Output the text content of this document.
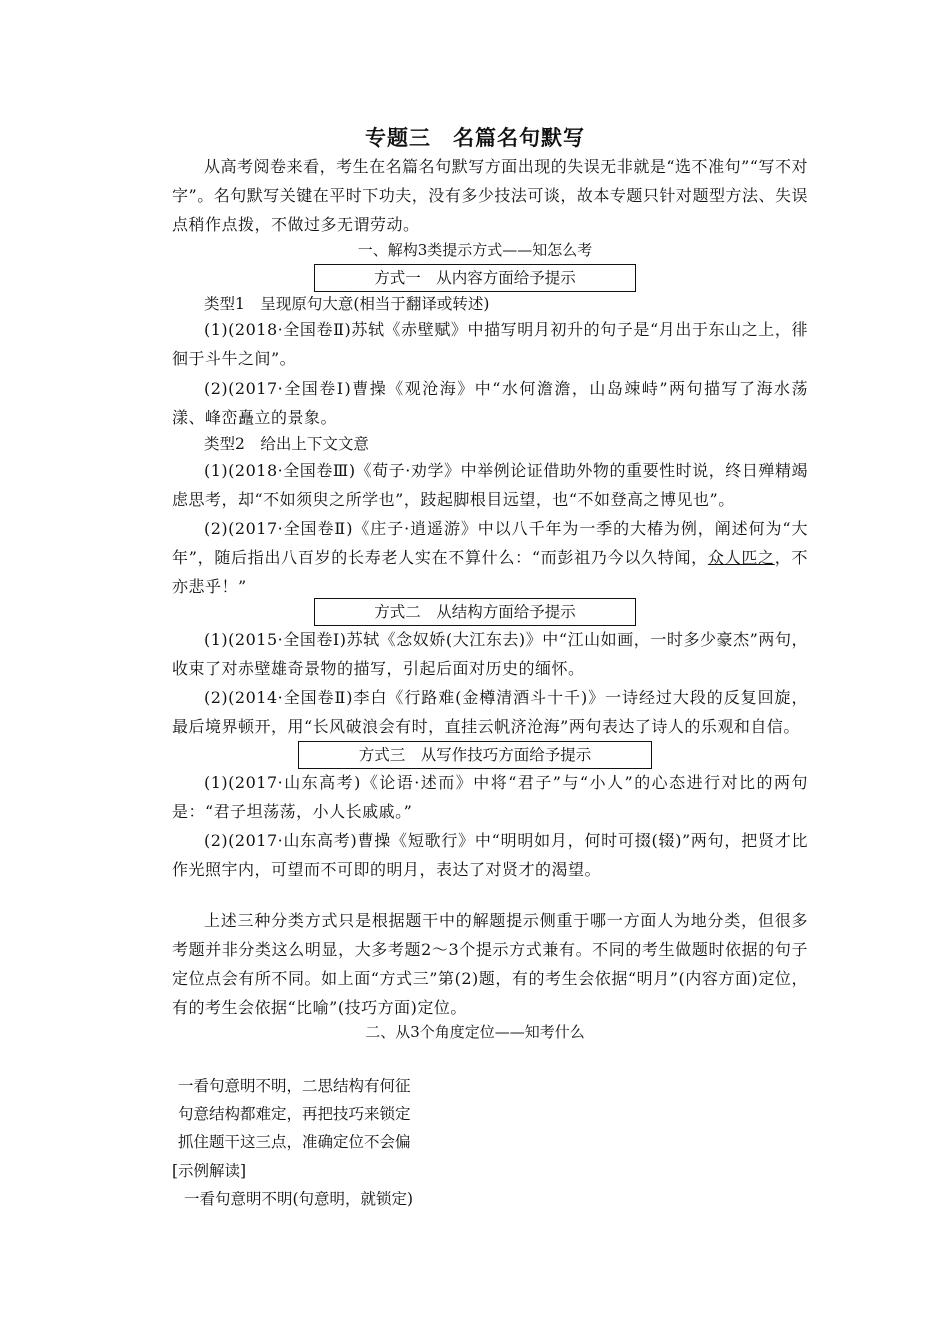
专题三　名篇名句默写

从高考阅卷来看，考生在名篇名句默写方面出现的失误无非就是“选不准句”“写不对字”。名句默写关键在平时下功夫，没有多少技法可谈，故本专题只针对题型方法、失误点稍作点拨，不做过多无谓劳动。

一、解构3类提示方式——知怎么考
方式一　从内容方面给予提示
类型1　呈现原句大意(相当于翻译或转述)

(1)(2018·全国卷Ⅱ)苏轼《赤壁赋》中描写明月初升的句子是“月出于东山之上，徘徊于斗牛之间”。

(2)(2017·全国卷Ⅰ)曹操《观沧海》中“水何澹澹，山岛竦峙”两句描写了海水荡漾、峰峦矗立的景象。

类型2　给出上下文文意

(1)(2018·全国卷Ⅲ)《荀子·劝学》中举例论证借助外物的重要性时说，终日殚精竭虑思考，却“不如须臾之所学也”，跂起脚根目远望，也“不如登高之博见也”。

(2)(2017·全国卷Ⅱ)《庄子·逍遥游》中以八千年为一季的大椿为例，阐述何为“大年”，随后指出八百岁的长寿老人实在不算什么：“而彭祖乃今以久特闻，众人匹之，不亦悲乎！”

方式二　从结构方面给予提示

(1)(2015·全国卷Ⅰ)苏轼《念奴娇(大江东去)》中“江山如画，一时多少豪杰”两句，收束了对赤壁雄奇景物的描写，引起后面对历史的缅怀。

(2)(2014·全国卷Ⅱ)李白《行路难(金樽清酒斗十千)》一诗经过大段的反复回旋，最后境界顿开，用“长风破浪会有时，直挂云帆济沧海”两句表达了诗人的乐观和自信。

方式三　从写作技巧方面给予提示

(1)(2017·山东高考)《论语·述而》中将“君子”与“小人”的心态进行对比的两句是：“君子坦荡荡，小人长戚戚。”

(2)(2017·山东高考)曹操《短歌行》中“明明如月，何时可掇(辍)”两句，把贤才比作光照宇内，可望而不可即的明月，表达了对贤才的渴望。

上述三种分类方式只是根据题干中的解题提示侧重于哪一方面人为地分类，但很多考题并非分类这么明显，大多考题2～3个提示方式兼有。不同的考生做题时依据的句子定位点会有所不同。如上面“方式三”第(2)题，有的考生会依据“明月”(内容方面)定位，有的考生会依据“比喻”(技巧方面)定位。

二、从3个角度定位——知考什么
一看句意明不明，二思结构有何征
句意结构都难定，再把技巧来锁定
抓住题干这三点，准确定位不会偏
[示例解读]
一看句意明不明(句意明，就锁定)
